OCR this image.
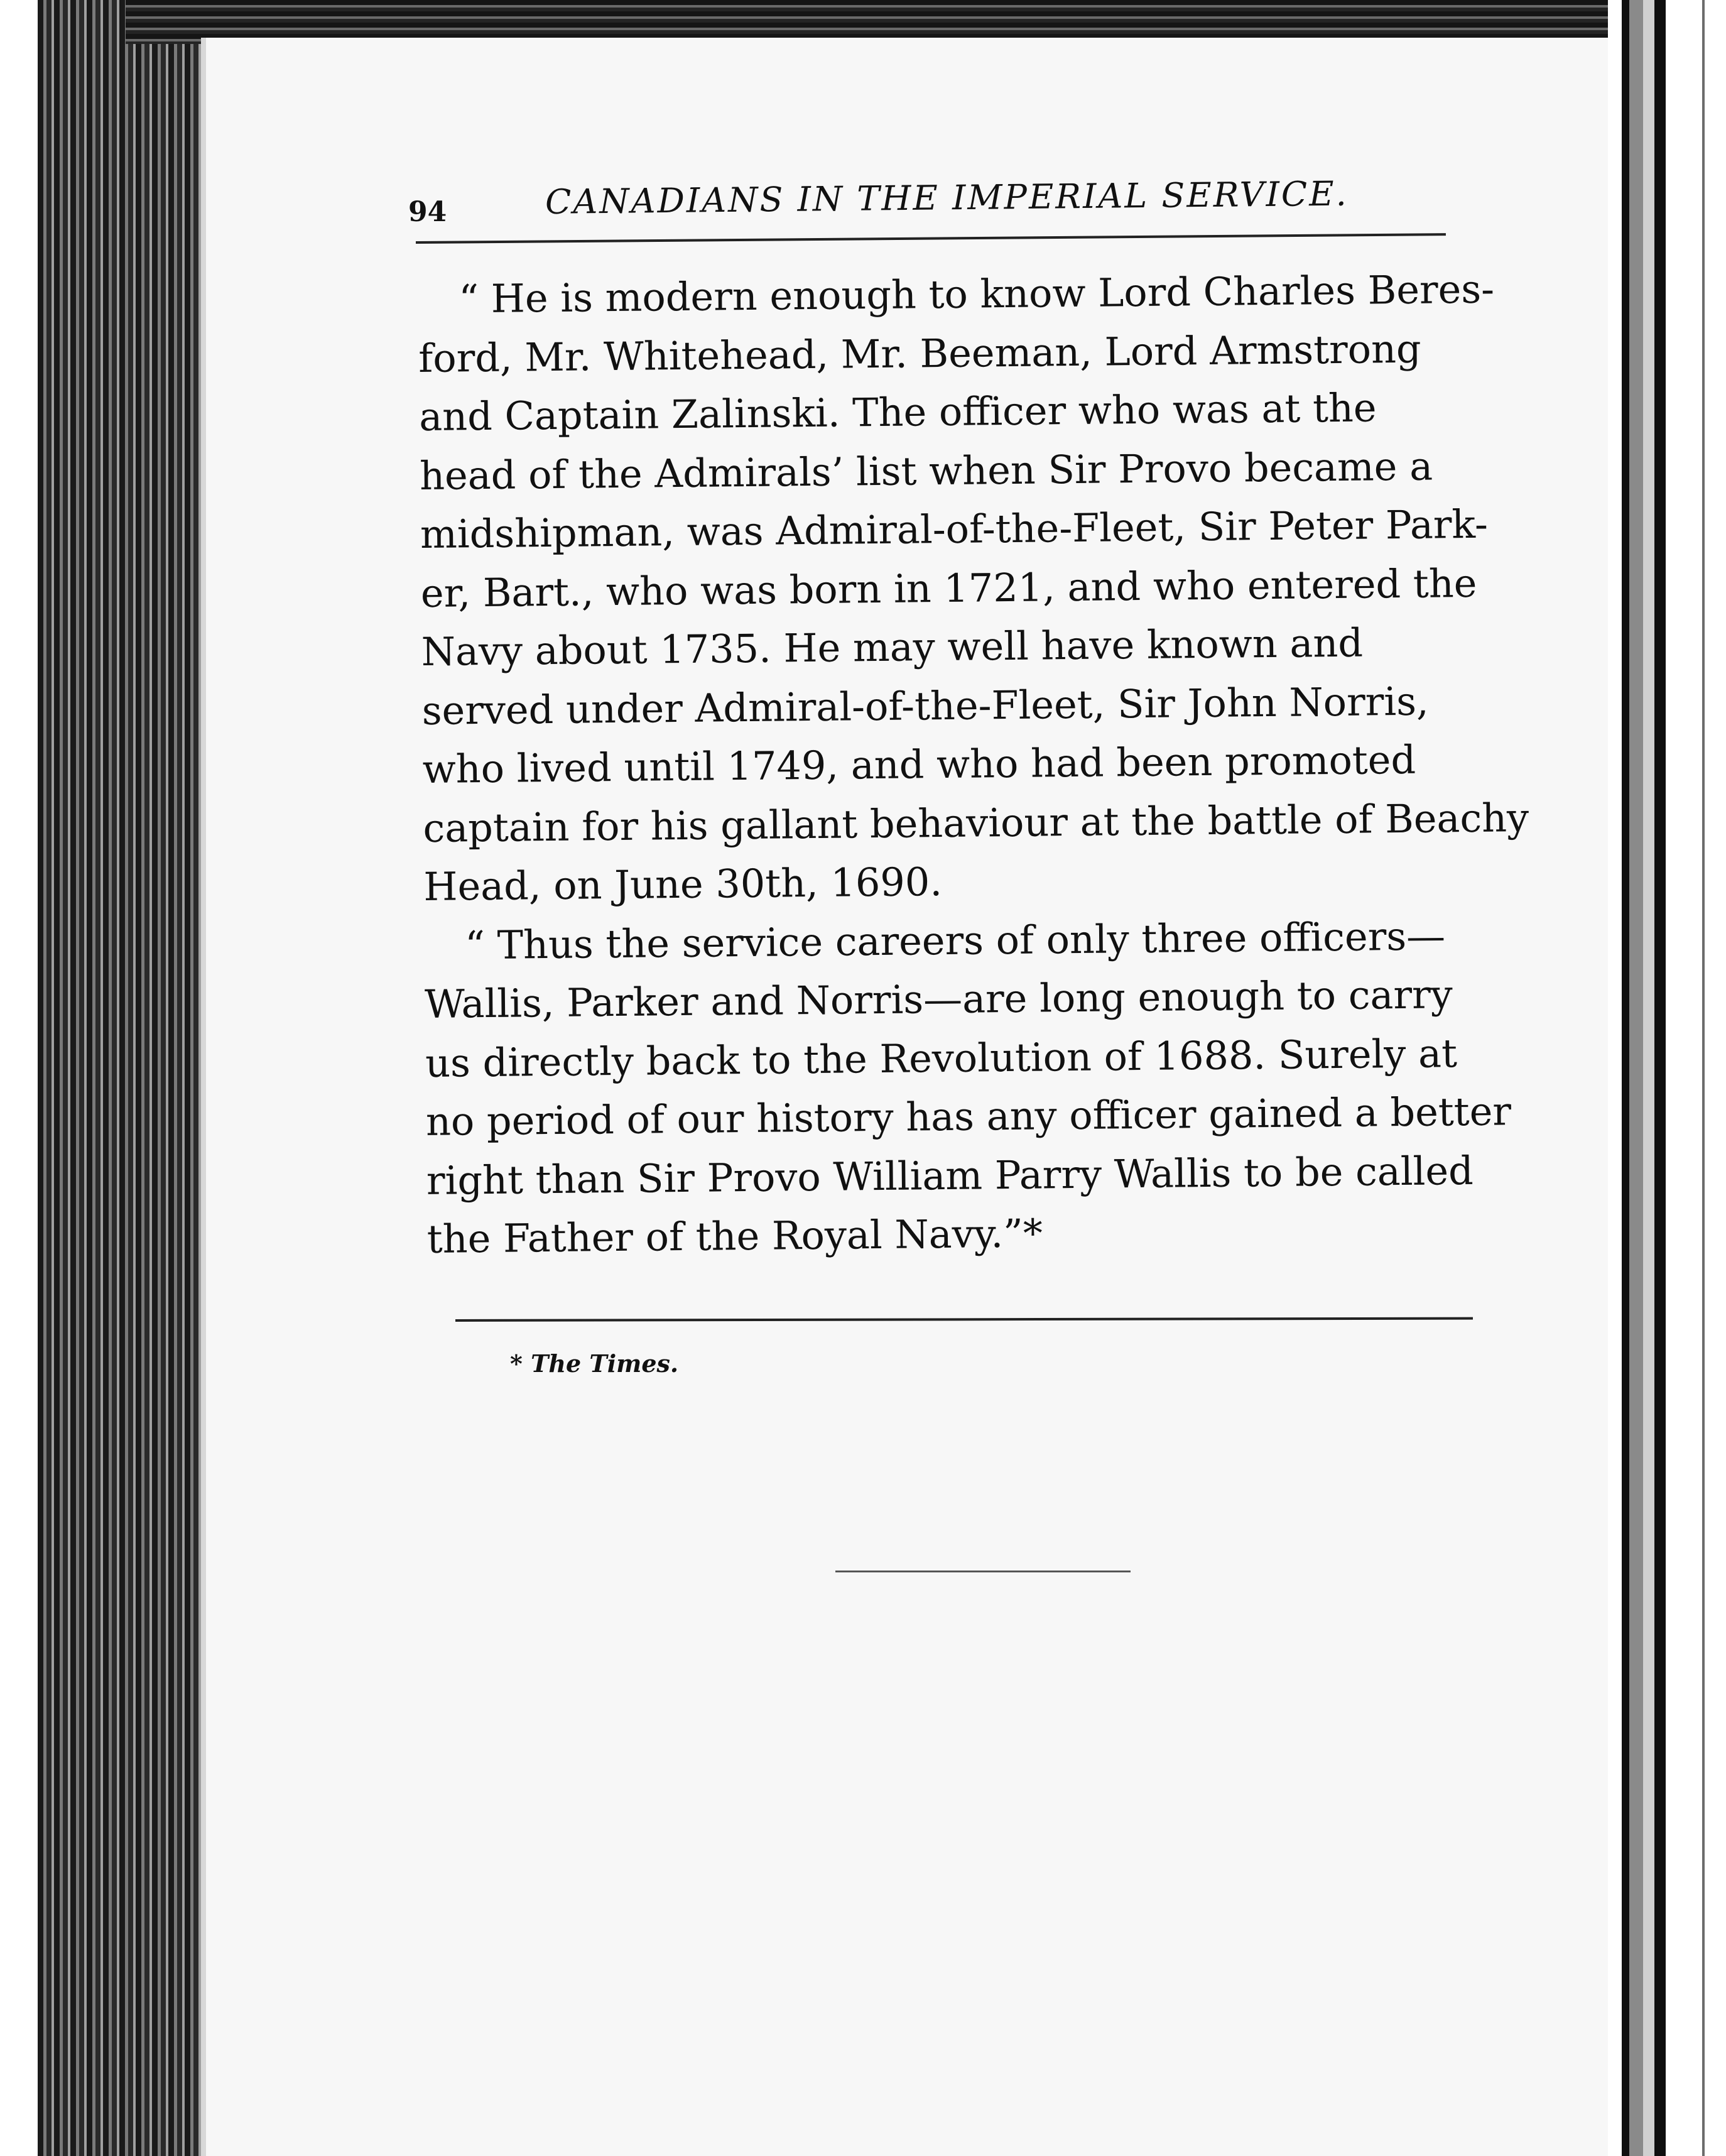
94	CANADIANS IN THE IMPERIAL SERVICE.
“ He is modern enough to know Lord Charles Beres-
ford, Mr. Whitehead, Mr. Beeman, Lord Armstrong
and Captain Zalinski. The officer who was at the
head of the Admirals’ list when Sir Provo became a
midshipman, was Admiral-of-the-Fleet, Sir Peter Park-
er, Bart., who was born in 1721, and who entered the
Navy about 1735. He may well have known and
served under Admiral-of-the-Fleet, Sir John Norris,
who lived until 1749, and who had been promoted
captain for his gallant behaviour at the battle of Beachy
Head, on June 30th, 1690.
“ Thus the service careers of only three officers—
Wallis, Parker and Norris—are long enough to carry
us directly back to the Revolution of 1688. Surely at
no period of our history has any officer gained a better
right than Sir Provo William Parry Wallis to be called
the Father of the Royal Navy.”*
* The Times.
